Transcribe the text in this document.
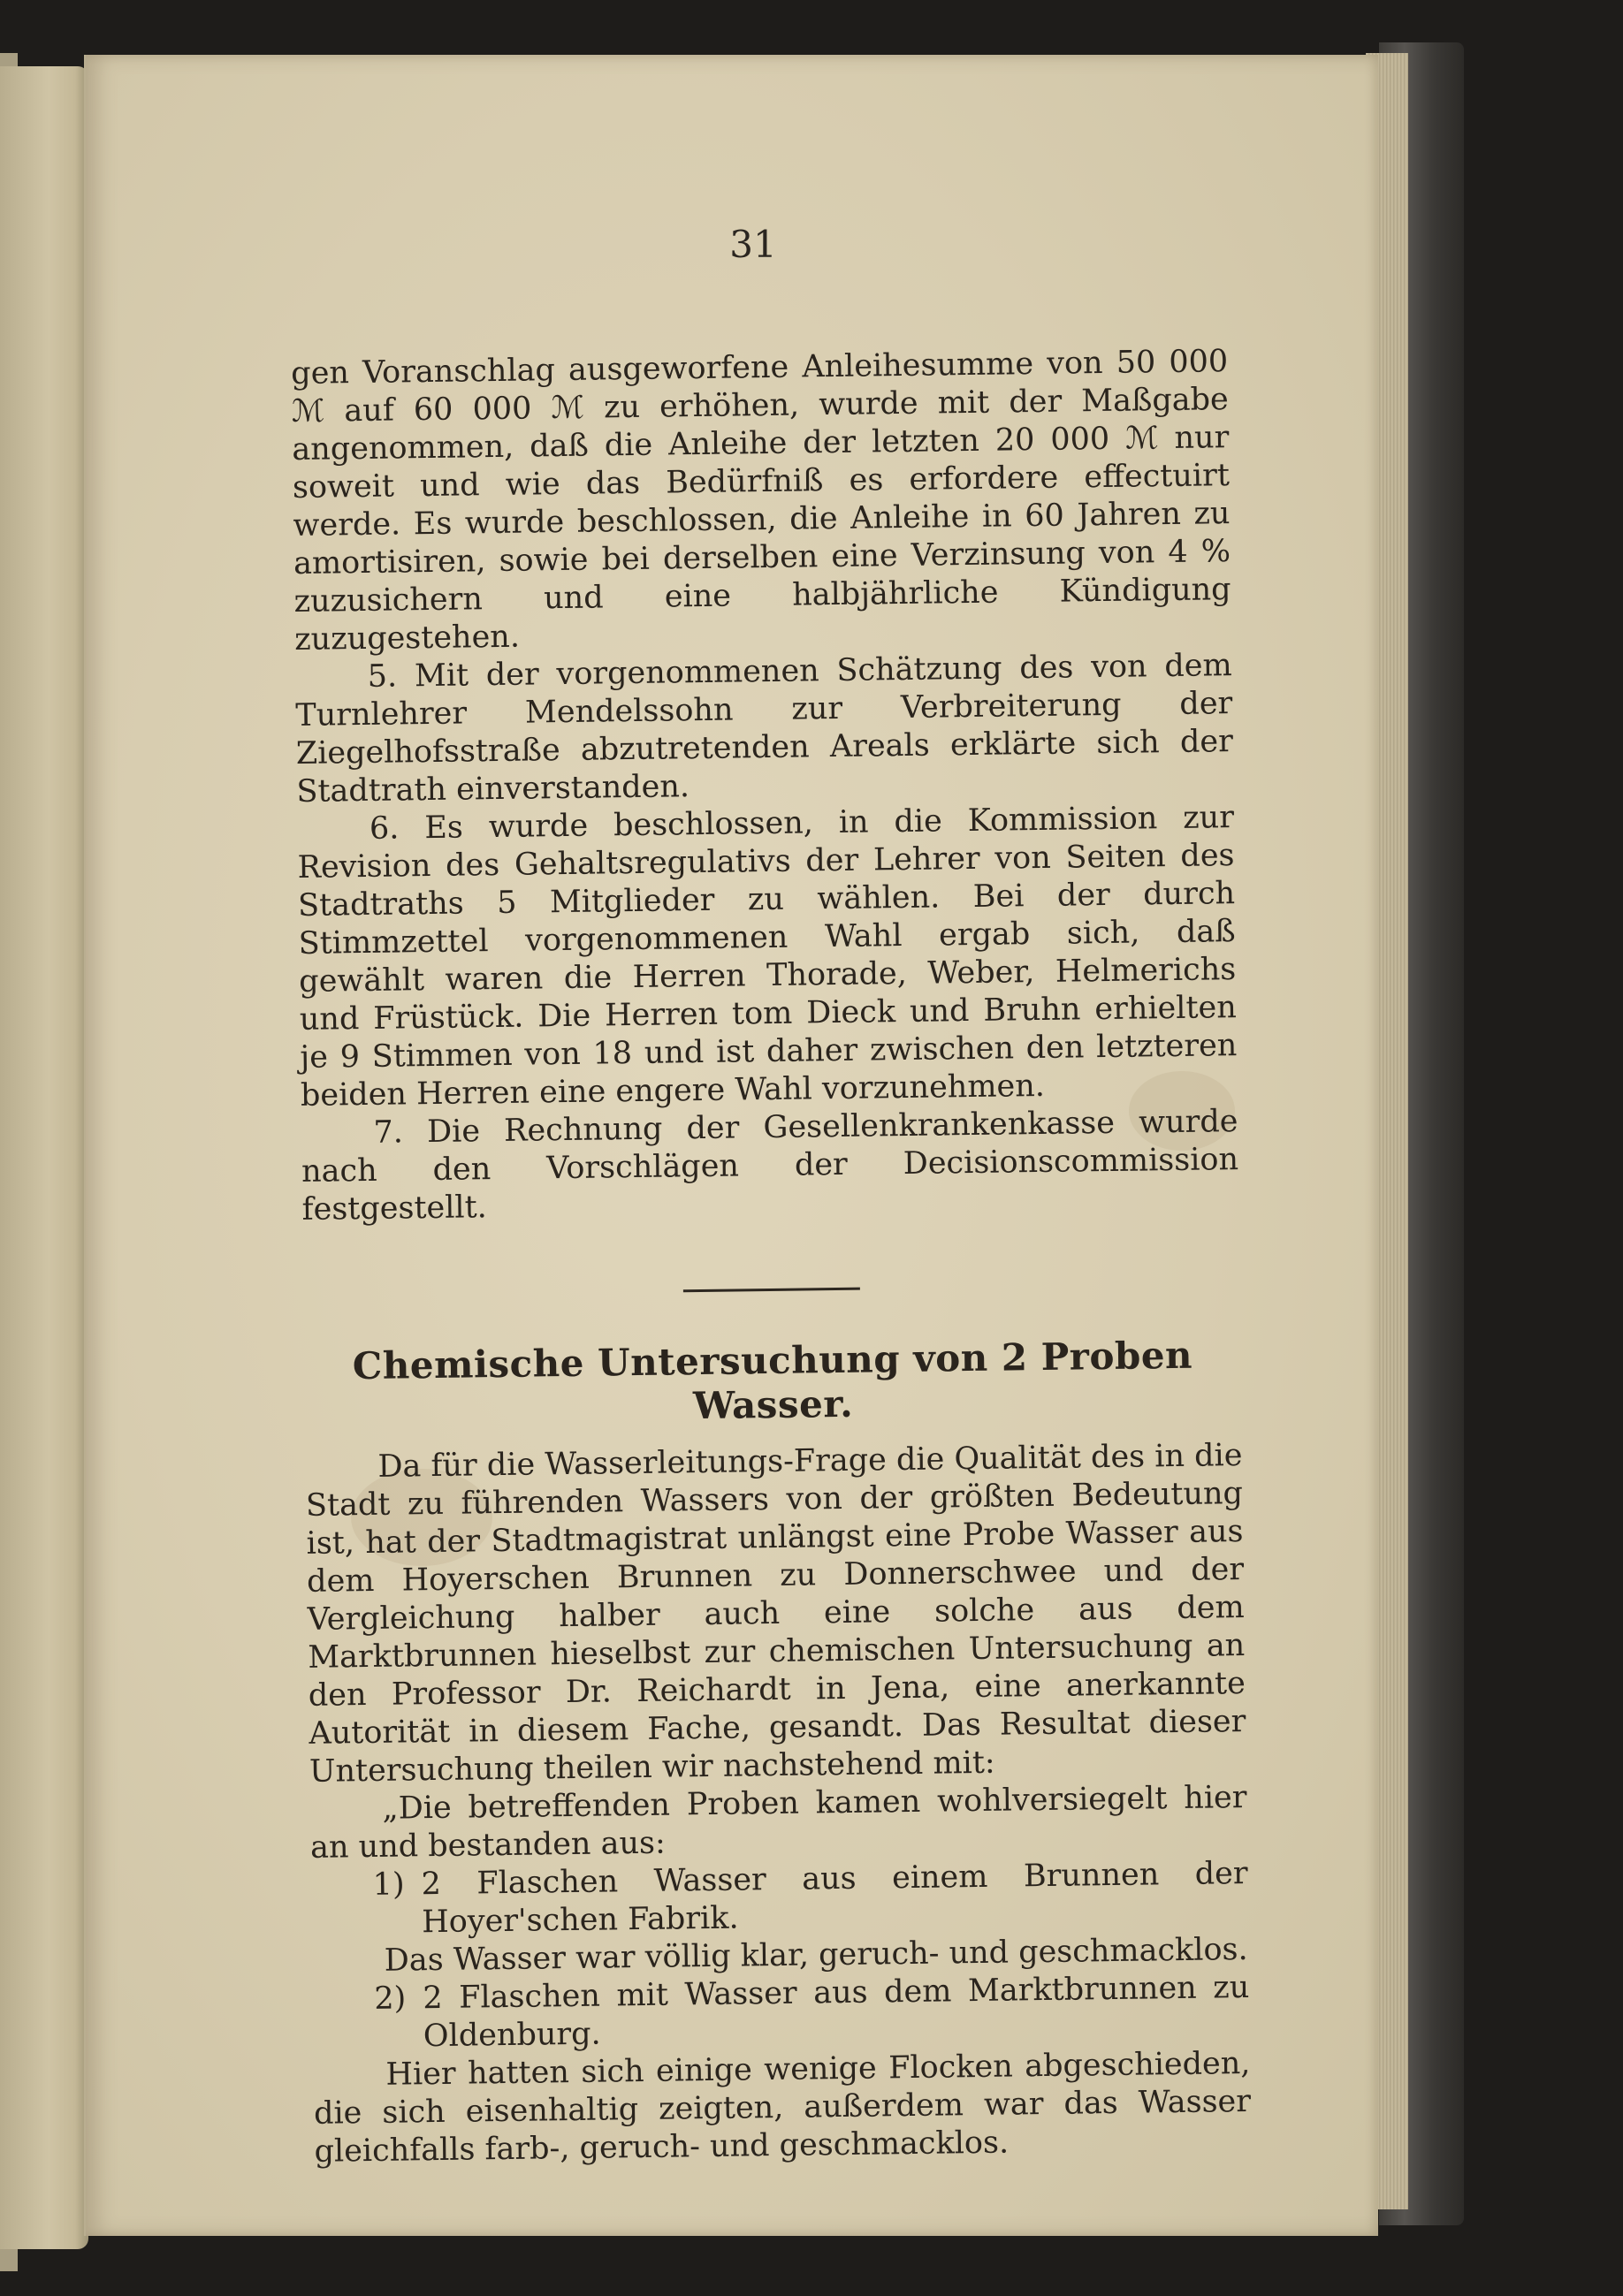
31

gen Voranschlag ausgeworfene Anleihesumme von 50 000 ℳ auf 60 000 ℳ zu erhöhen, wurde mit der Maßgabe angenommen, daß die Anleihe der letzten 20 000 ℳ nur soweit und wie das Bedürfniß es erfordere effectuirt werde. Es wurde beschlossen, die Anleihe in 60 Jahren zu amortisiren, sowie bei derselben eine Verzinsung von 4 % zuzusichern und eine halbjährliche Kündigung zuzugestehen.

5. Mit der vorgenommenen Schätzung des von dem Turnlehrer Mendelssohn zur Verbreiterung der Ziegelhofsstraße abzutretenden Areals erklärte sich der Stadtrath einverstanden.

6. Es wurde beschlossen, in die Kommission zur Revision des Gehaltsregulativs der Lehrer von Seiten des Stadtraths 5 Mitglieder zu wählen. Bei der durch Stimmzettel vorgenommenen Wahl ergab sich, daß gewählt waren die Herren Thorade, Weber, Helmerichs und Früstück. Die Herren tom Dieck und Bruhn erhielten je 9 Stimmen von 18 und ist daher zwischen den letzteren beiden Herren eine engere Wahl vorzunehmen.

7. Die Rechnung der Gesellenkrankenkasse wurde nach den Vorschlägen der Decisionscommission festgestellt.

Chemische Untersuchung von 2 Proben Wasser.

Da für die Wasserleitungs-Frage die Qualität des in die Stadt zu führenden Wassers von der größten Bedeutung ist, hat der Stadtmagistrat unlängst eine Probe Wasser aus dem Hoyerschen Brunnen zu Donnerschwee und der Vergleichung halber auch eine solche aus dem Marktbrunnen hieselbst zur chemischen Untersuchung an den Professor Dr. Reichardt in Jena, eine anerkannte Autorität in diesem Fache, gesandt. Das Resultat dieser Untersuchung theilen wir nachstehend mit:

„Die betreffenden Proben kamen wohlversiegelt hier an und bestanden aus:

1) 2 Flaschen Wasser aus einem Brunnen der Hoyer'schen Fabrik.

Das Wasser war völlig klar, geruch- und geschmacklos.

2) 2 Flaschen mit Wasser aus dem Marktbrunnen zu Oldenburg.

Hier hatten sich einige wenige Flocken abgeschieden, die sich eisenhaltig zeigten, außerdem war das Wasser gleichfalls farb-, geruch- und geschmacklos.
